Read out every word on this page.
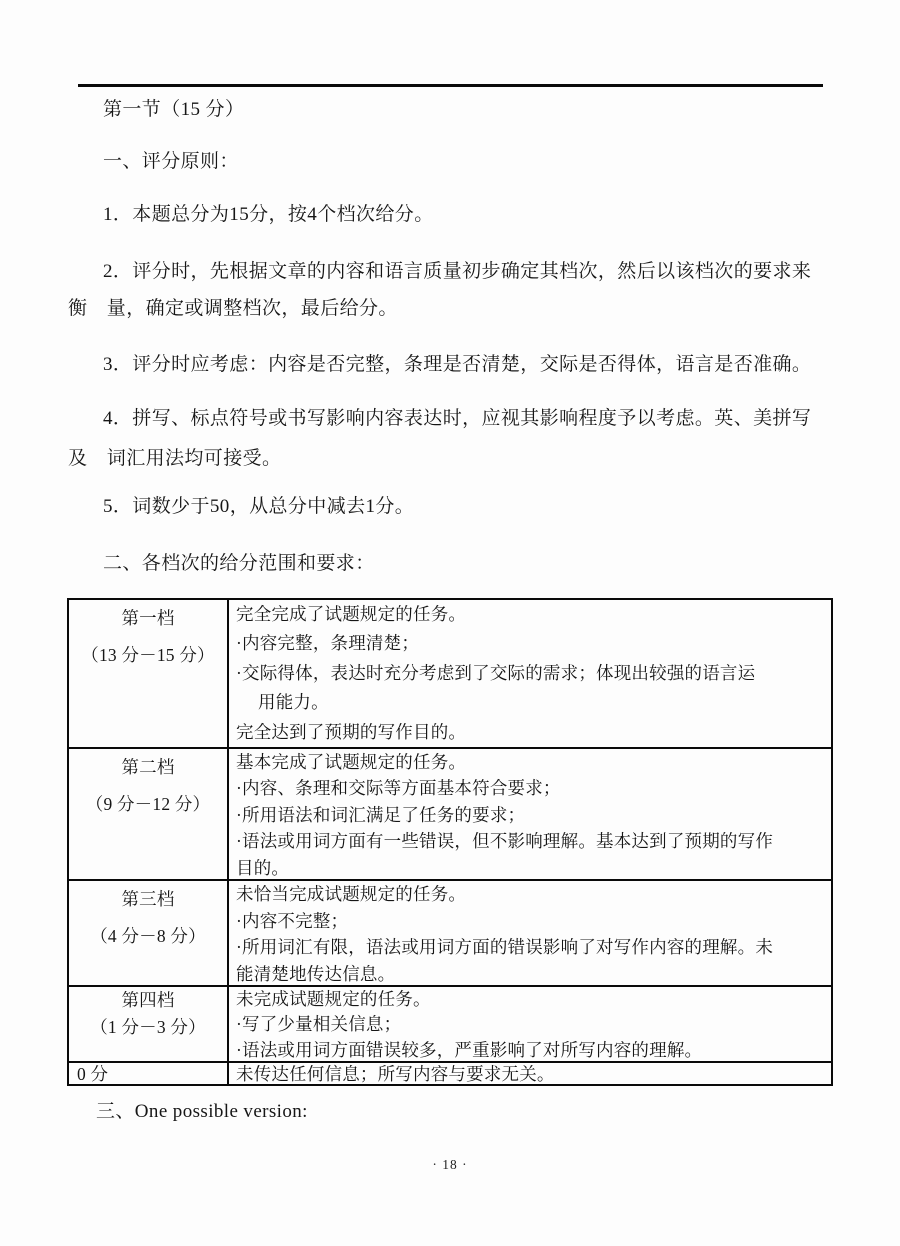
第一节（15 分）
一、评分原则：
1．本题总分为15分，按4个档次给分。
2．评分时，先根据文章的内容和语言质量初步确定其档次，然后以该档次的要求来
衡　量，确定或调整档次，最后给分。
3．评分时应考虑：内容是否完整，条理是否清楚，交际是否得体，语言是否准确。
4．拼写、标点符号或书写影响内容表达时，应视其影响程度予以考虑。英、美拼写
及　词汇用法均可接受。
5．词数少于50，从总分中减去1分。
二、各档次的给分范围和要求：
第一档
（13 分－15 分）
完全完成了试题规定的任务。
·内容完整，条理清楚；
·交际得体，表达时充分考虑到了交际的需求；体现出较强的语言运
用能力。
完全达到了预期的写作目的。
第二档
（9 分－12 分）
基本完成了试题规定的任务。
·内容、条理和交际等方面基本符合要求；
·所用语法和词汇满足了任务的要求；
·语法或用词方面有一些错误，但不影响理解。基本达到了预期的写作
目的。
第三档
（4 分－8 分）
未恰当完成试题规定的任务。
·内容不完整；
·所用词汇有限，语法或用词方面的错误影响了对写作内容的理解。未
能清楚地传达信息。
第四档
（1 分－3 分）
未完成试题规定的任务。
·写了少量相关信息；
·语法或用词方面错误较多，严重影响了对所写内容的理解。
0 分	未传达任何信息；所写内容与要求无关。
三、One possible version:
· 18 ·
